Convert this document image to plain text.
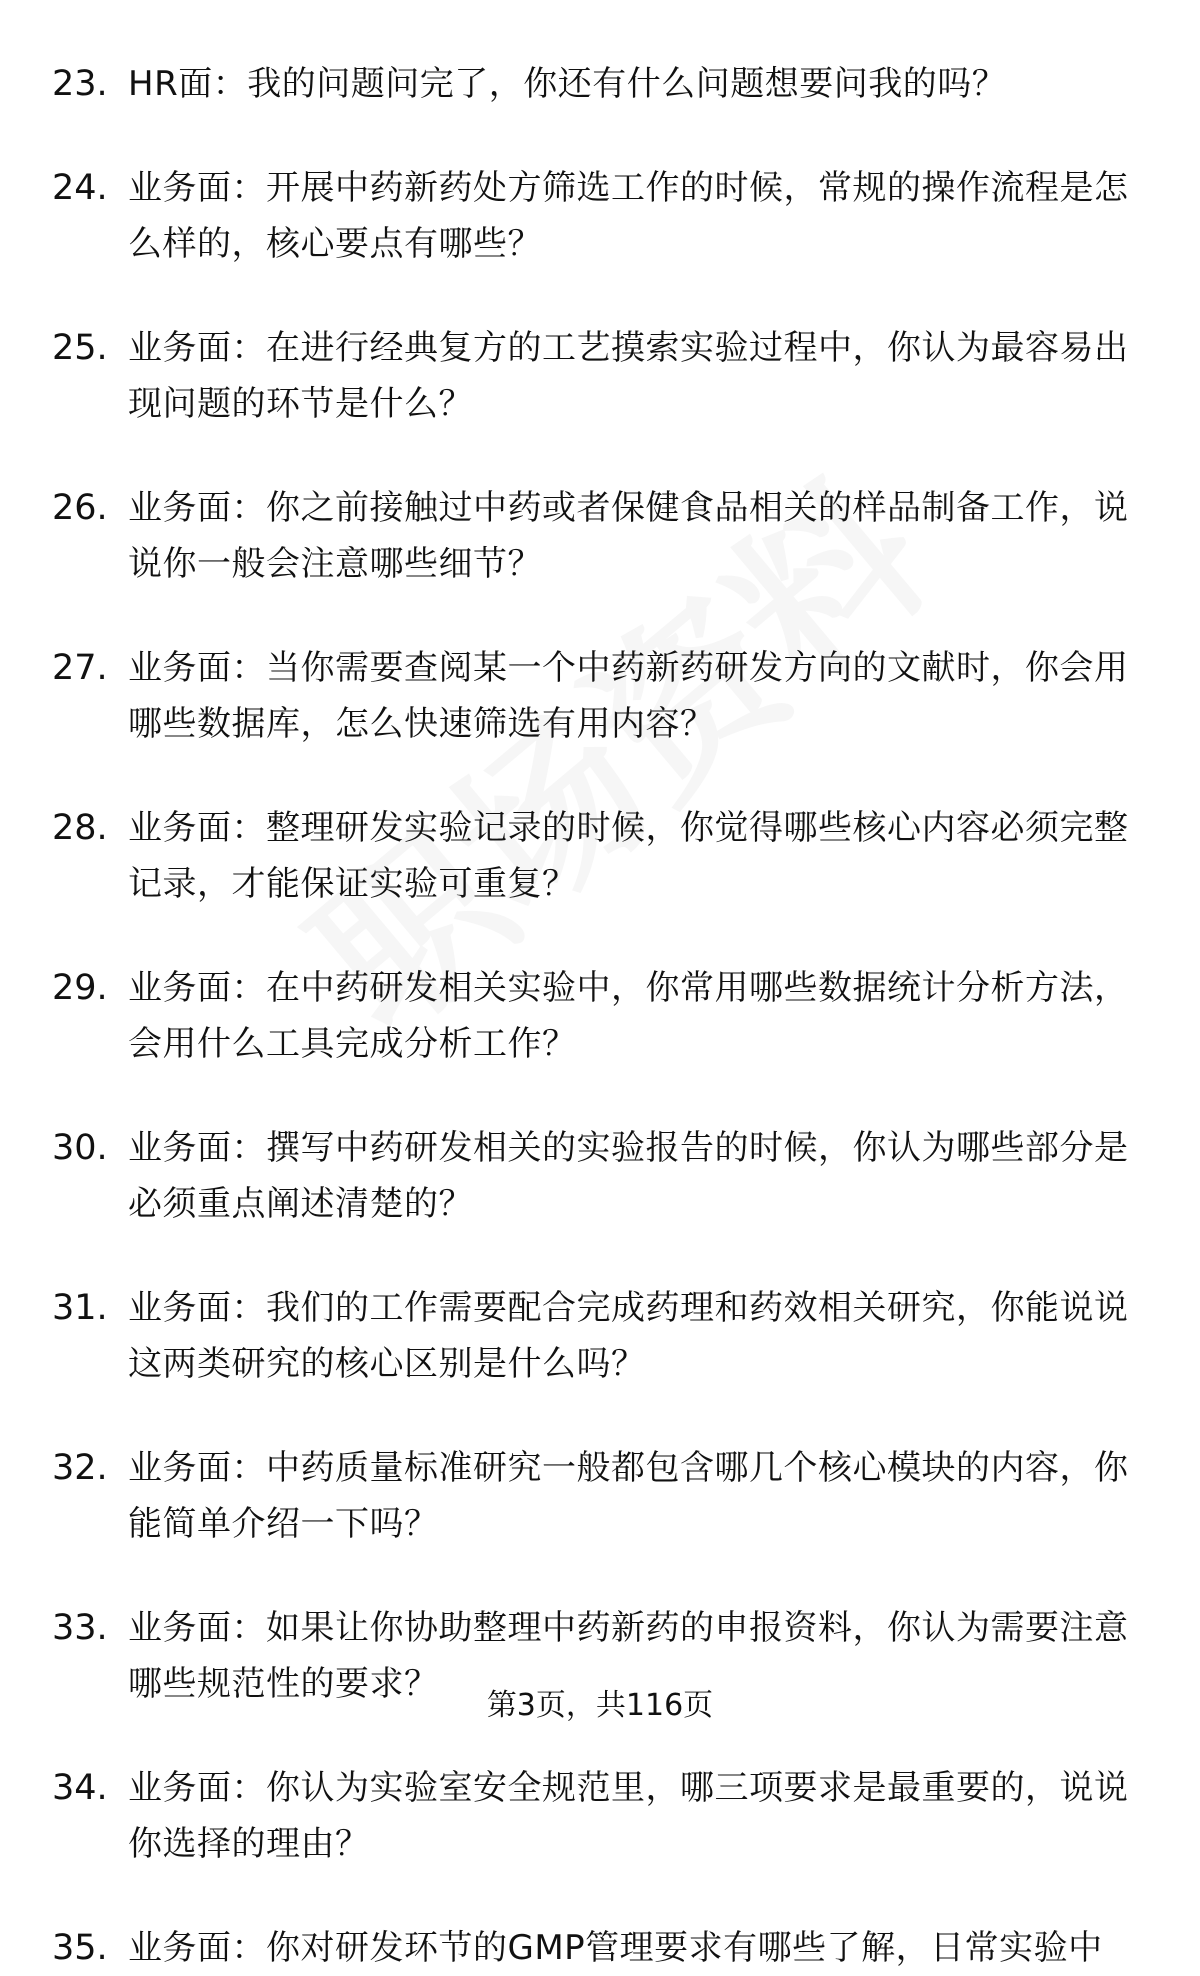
23. HR面：我的问题问完了，你还有什么问题想要问我的吗？
24. 业务面：开展中药新药处方筛选工作的时候，常规的操作流程是怎么样的，核心要点有哪些？
25. 业务面：在进行经典复方的工艺摸索实验过程中，你认为最容易出现问题的环节是什么？
26. 业务面：你之前接触过中药或者保健食品相关的样品制备工作，说说你一般会注意哪些细节？
27. 业务面：当你需要查阅某一个中药新药研发方向的文献时，你会用哪些数据库，怎么快速筛选有用内容？
28. 业务面：整理研发实验记录的时候，你觉得哪些核心内容必须完整记录，才能保证实验可重复？
29. 业务面：在中药研发相关实验中，你常用哪些数据统计分析方法，会用什么工具完成分析工作？
30. 业务面：撰写中药研发相关的实验报告的时候，你认为哪些部分是必须重点阐述清楚的？
31. 业务面：我们的工作需要配合完成药理和药效相关研究，你能说说这两类研究的核心区别是什么吗？
32. 业务面：中药质量标准研究一般都包含哪几个核心模块的内容，你能简单介绍一下吗？
33. 业务面：如果让你协助整理中药新药的申报资料，你认为需要注意哪些规范性的要求？
34. 业务面：你认为实验室安全规范里，哪三项要求是最重要的，说说你选择的理由？
35. 业务面：你对研发环节的GMP管理要求有哪些了解，日常实验中
第3页，共116页
